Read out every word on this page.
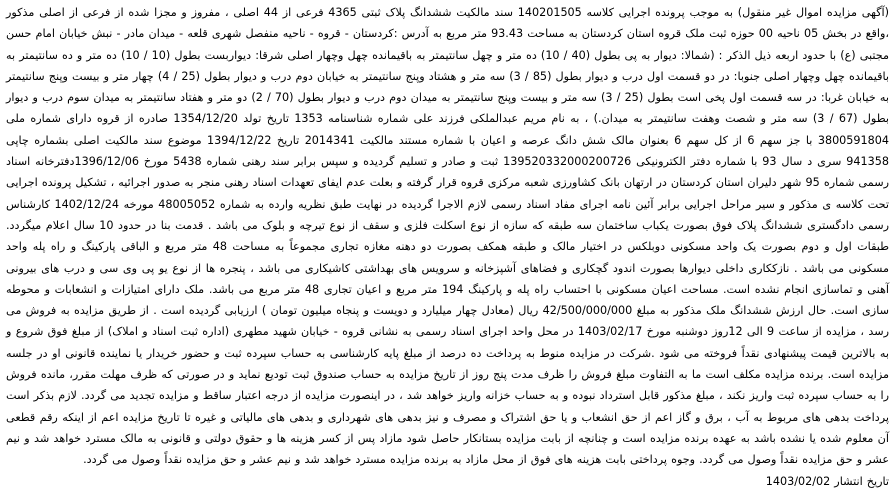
(آگهی مزایده اموال غیر منقول) به موجب پرونده اجرایی کلاسه 140201505 سند مالکیت ششدانگ پلاک ثبتی 4365 فرعی از 44 اصلی ، مفروز و مجزا شده از فرعی از اصلی مذکور ،واقع در بخش 05 ناحیه 00 حوزه ثبت ملک قروه استان کردستان به مساحت 93.43 متر مربع به آدرس :کردستان - قروه - ناحیه منفصل شهری قلعه - میدان مادر - نبش خیابان امام حسن مجتبی (ع) با حدود اربعه ذیل الذکر : (شمالا: دیوار به پی بطول (40 / 10) ده متر و چهل سانتیمتر به باقیمانده چهل وچهار اصلی شرقا: دیواربست بطول (10 / 10) ده متر و ده سانتیمتر به باقیمانده چهل وچهار اصلی جنوبا: در دو قسمت اول درب و دیوار بطول (85 / 3) سه متر و هشتاد وپنج سانتیمتر به خیابان دوم درب و دیوار بطول (25 / 4) چهار متر و بیست وپنج سانتیمتر به خیابان غربا: در سه قسمت اول پخی است بطول (25 / 3) سه متر و بیست وپنج سانتیمتر به میدان دوم درب و دیوار بطول (70 / 2) دو متر و هفتاد سانتیمتر به میدان سوم درب و دیوار بطول (67 / 3) سه متر و شصت وهفت سانتیمتر به میدان.) ، به نام مریم عبدالملکی فرزند علی شماره شناسنامه 1353 تاریخ تولد 1354/12/20 صادره از قروه دارای شماره ملی 3800591804 با جز سهم 6 از کل سهم 6 بعنوان مالک شش دانگ عرصه و اعیان با شماره مستند مالکیت 2014341 تاریخ 1394/12/22 موضوع سند مالکیت اصلی بشماره چاپی 941358 سری د سال 93 با شماره دفتر الکترونیکی 139520332000200726 ثبت و صادر و تسلیم گردیده و سپس برابر سند رهنی شماره 5438 مورخ 1396/12/06دفترخانه اسناد رسمی شماره 95 شهر دلیران استان کردستان در ارتهان بانک کشاورزی شعبه مرکزی قروه قرار گرفته و بعلت عدم ایفای تعهدات اسناد رهنی منجر به صدور اجرائیه ، تشکیل پرونده اجرایی تحت کلاسه ی مذکور و سیر مراحل اجرایی برابر آئین نامه اجرای مفاد اسناد رسمی لازم الاجرا گردیده در نهایت طبق نظریه وارده به شماره 48005052 مورخه 1402/12/24 کارشناس رسمی دادگستری ششدانگ پلاک فوق بصورت یکباب ساختمان سه طبقه که سازه از نوع اسکلت فلزی و سقف از نوع تیرچه و بلوک می باشد . قدمت بنا در حدود 10 سال اعلام میگردد. طبقات اول و دوم بصورت یک واحد مسکونی دوبلکس در اختیار مالک و طبقه همکف بصورت دو دهنه مغازه تجاری مجموعاً به مساحت 48 متر مربع و الباقی پارکینگ و راه پله واحد مسکونی می باشد . نازککاری داخلی دیوارها بصورت اندود گچکاری و فضاهای آشپزخانه و سرویس های بهداشتی کاشیکاری می باشد ، پنجره ها از نوع یو پی وی سی و درب های بیرونی آهنی و تماسازی انجام نشده است. مساحت اعیان مسکونی با احتساب راه پله و پارکینگ 194 متر مربع و اعیان تجاری 48 متر مربع می باشد. ملک دارای امتیازات و انشعابات و محوطه سازی است. حال ارزش ششدانگ ملک مذکور به مبلغ 42/500/000/000 ریال (معادل چهار میلیارد و دویست و پنجاه میلیون تومان ) ارزیابی گردیده است . از طریق مزایده به فروش می رسد ، مزایده از ساعت 9 الی 12روز دوشنبه مورخ 1403/02/17 در محل واحد اجرای اسناد رسمی به نشانی قروه - خیابان شهید مطهری (اداره ثبت اسناد و املاک) از مبلغ فوق شروع و به بالاترین قیمت پیشنهادی نقداً فروخته می شود .شرکت در مزایده منوط به پرداخت ده درصد از مبلغ پایه کارشناسی به حساب سپرده ثبت و حضور خریدار یا نماینده قانونی او در جلسه مزایده است. برنده مزایده مکلف است ما به التفاوت مبلغ فروش را ظرف مدت پنج روز از تاریخ مزایده به حساب صندوق ثبت تودیع نماید و در صورتی که ظرف مهلت مقرر، مانده فروش را به حساب سپرده ثبت واریز نکند ، مبلغ مذکور قابل استرداد نبوده و به حساب خزانه واریز خواهد شد ، در اینصورت مزایده از درجه اعتبار ساقط و مزایده تجدید می گردد. لازم بذکر است پرداخت بدهی های مربوط به آب ، برق و گاز اعم از حق انشعاب و یا حق اشتراک و مصرف و نیز بدهی های شهرداری و بدهی های مالیاتی و غیره تا تاریخ مزایده اعم از اینکه رقم قطعی آن معلوم شده یا نشده باشد به عهده برنده مزایده است و چنانچه از بابت مزایده بستانکار حاصل شود مازاد پس از کسر هزینه ها و حقوق دولتی و قانونی به مالک مسترد خواهد شد و نیم عشر و حق مزایده نقداً وصول می گردد. وجوه پرداختی بابت هزینه های فوق از محل مازاد به برنده مزایده مسترد خواهد شد و نیم عشر و حق مزایده نقداً وصول می گردد.
تاریخ انتشار 1403/02/02
